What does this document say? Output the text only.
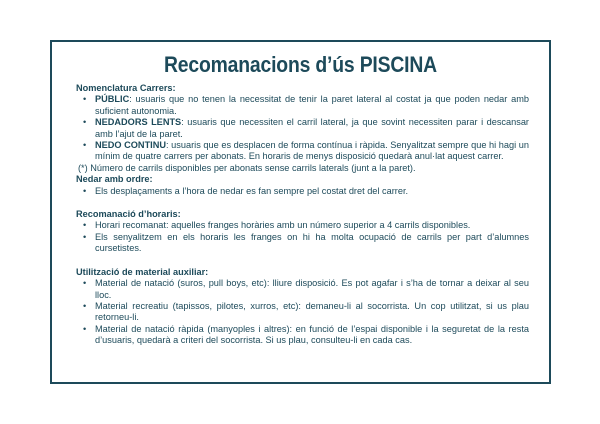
Recomanacions d’ús PISCINA
Nomenclatura Carrers:
• PÚBLIC: usuaris que no tenen la necessitat de tenir la paret lateral al costat ja que poden nedar amb suficient autonomia.
• NEDADORS LENTS: usuaris que necessiten el carril lateral, ja que sovint necessiten parar i descansar amb l’ajut de la paret.
• NEDO CONTINU: usuaris que es desplacen de forma contínua i ràpida. Senyalitzat sempre que hi hagi un mínim de quatre carrers per abonats. En horaris de menys disposició quedarà anul·lat aquest carrer.
(*) Número de carrils disponibles per abonats sense carrils laterals (junt a la paret).
Nedar amb ordre:
• Els desplaçaments a l’hora de nedar es fan sempre pel costat dret del carrer.
Recomanació d’horaris:
• Horari recomanat: aquelles franges horàries amb un número superior a 4 carrils disponibles.
• Els senyalitzem en els horaris les franges on hi ha molta ocupació de carrils per part d’alumnes cursetistes.
Utilització de material auxiliar:
• Material de natació (suros, pull boys, etc): lliure disposició. Es pot agafar i s’ha de tornar a deixar al seu lloc.
• Material recreatiu (tapissos, pilotes, xurros, etc): demaneu-li al socorrista. Un cop utilitzat, si us plau retorneu-li.
• Material de natació ràpida (manyoples i altres): en funció de l’espai disponible i la seguretat de la resta d’usuaris, quedarà a criteri del socorrista. Si us plau, consulteu-li en cada cas.
